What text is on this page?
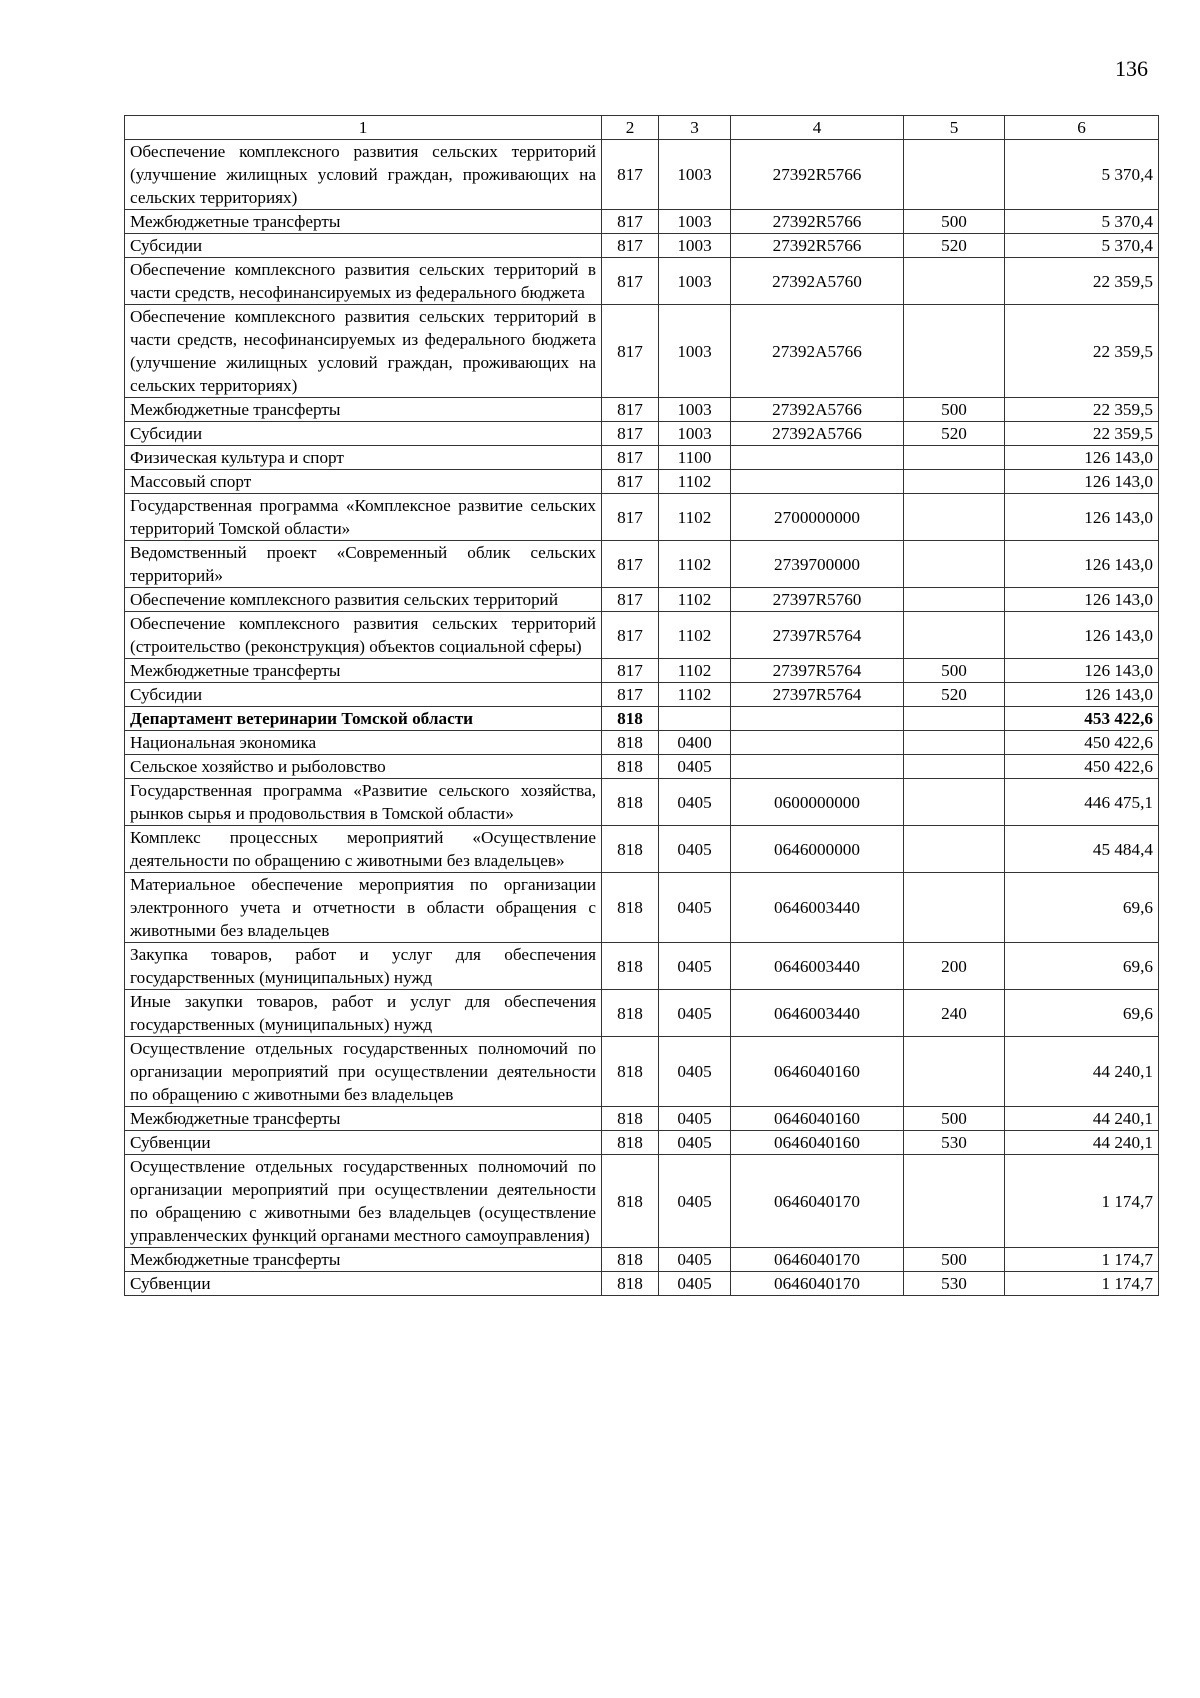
136
1	2	3	4	5	6
Обеспечение комплексного развития сельских территорий (улучшение жилищных условий граждан, проживающих на сельских территориях)	817	1003	27392R5766		5 370,4
Межбюджетные трансферты	817	1003	27392R5766	500	5 370,4
Субсидии	817	1003	27392R5766	520	5 370,4
Обеспечение комплексного развития сельских территорий в части средств, несофинансируемых из федерального бюджета	817	1003	27392A5760		22 359,5
Обеспечение комплексного развития сельских территорий в части средств, несофинансируемых из федерального бюджета (улучшение жилищных условий граждан, проживающих на сельских территориях)	817	1003	27392A5766		22 359,5
Межбюджетные трансферты	817	1003	27392A5766	500	22 359,5
Субсидии	817	1003	27392A5766	520	22 359,5
Физическая культура и спорт	817	1100			126 143,0
Массовый спорт	817	1102			126 143,0
Государственная программа «Комплексное развитие сельских территорий Томской области»	817	1102	2700000000		126 143,0
Ведомственный проект «Современный облик сельских территорий»	817	1102	2739700000		126 143,0
Обеспечение комплексного развития сельских территорий	817	1102	27397R5760		126 143,0
Обеспечение комплексного развития сельских территорий (строительство (реконструкция) объектов социальной сферы)	817	1102	27397R5764		126 143,0
Межбюджетные трансферты	817	1102	27397R5764	500	126 143,0
Субсидии	817	1102	27397R5764	520	126 143,0
Департамент ветеринарии Томской области	818				453 422,6
Национальная экономика	818	0400			450 422,6
Сельское хозяйство и рыболовство	818	0405			450 422,6
Государственная программа «Развитие сельского хозяйства, рынков сырья и продовольствия в Томской области»	818	0405	0600000000		446 475,1
Комплекс процессных мероприятий «Осуществление деятельности по обращению с животными без владельцев»	818	0405	0646000000		45 484,4
Материальное обеспечение мероприятия по организации электронного учета и отчетности в области обращения с животными без владельцев	818	0405	0646003440		69,6
Закупка товаров, работ и услуг для обеспечения государственных (муниципальных) нужд	818	0405	0646003440	200	69,6
Иные закупки товаров, работ и услуг для обеспечения государственных (муниципальных) нужд	818	0405	0646003440	240	69,6
Осуществление отдельных государственных полномочий по организации мероприятий при осуществлении деятельности по обращению с животными без владельцев	818	0405	0646040160		44 240,1
Межбюджетные трансферты	818	0405	0646040160	500	44 240,1
Субвенции	818	0405	0646040160	530	44 240,1
Осуществление отдельных государственных полномочий по организации мероприятий при осуществлении деятельности по обращению с животными без владельцев (осуществление управленческих функций органами местного самоуправления)	818	0405	0646040170		1 174,7
Межбюджетные трансферты	818	0405	0646040170	500	1 174,7
Субвенции	818	0405	0646040170	530	1 174,7
